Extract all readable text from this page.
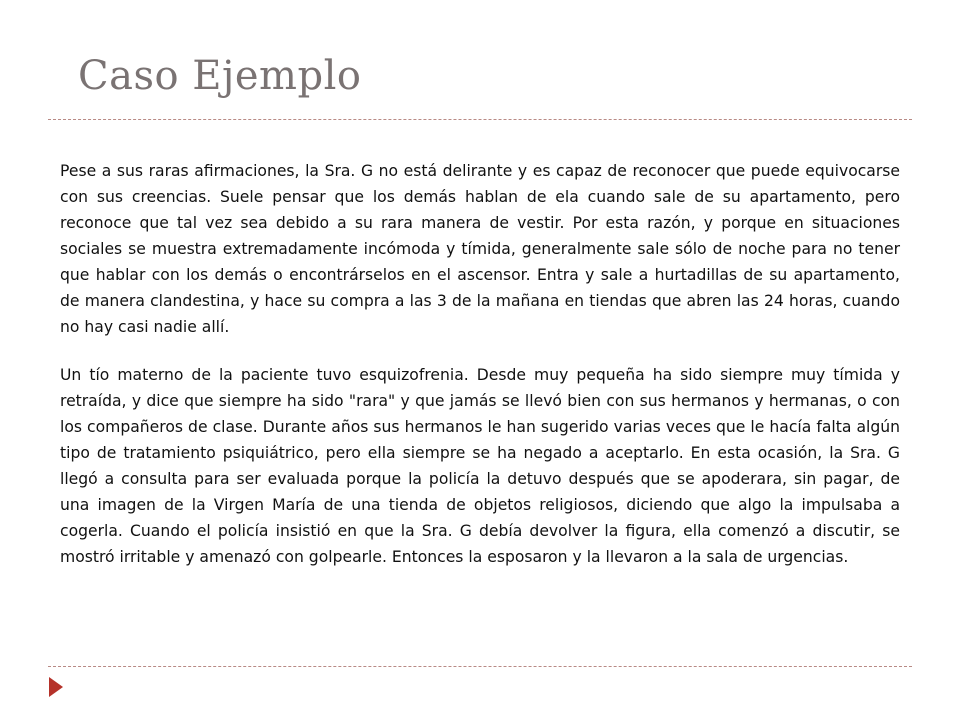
Caso Ejemplo

Pese a sus raras afirmaciones, la Sra. G no está delirante y es capaz de reconocer que puede equivocarse con sus creencias. Suele pensar que los demás hablan de ela cuando sale de su apartamento, pero reconoce que tal vez sea debido a su rara manera de vestir. Por esta razón, y porque en situaciones sociales se muestra extremadamente incómoda y tímida, generalmente sale sólo de noche para no tener que hablar con los demás o encontrárselos en el ascensor. Entra y sale a hurtadillas de su apartamento, de manera clandestina, y hace su compra a las 3 de la mañana en tiendas que abren las 24 horas, cuando no hay casi nadie allí.

Un tío materno de la paciente tuvo esquizofrenia. Desde muy pequeña ha sido siempre muy tímida y retraída, y dice que siempre ha sido "rara" y que jamás se llevó bien con sus hermanos y hermanas, o con los compañeros de clase. Durante años sus hermanos le han sugerido varias veces que le hacía falta algún tipo de tratamiento psiquiátrico, pero ella siempre se ha negado a aceptarlo. En esta ocasión, la Sra. G llegó a consulta para ser evaluada porque la policía la detuvo después que se apoderara, sin pagar, de una imagen de la Virgen María de una tienda de objetos religiosos, diciendo que algo la impulsaba a cogerla. Cuando el policía insistió en que la Sra. G debía devolver la figura, ella comenzó a discutir, se mostró irritable y amenazó con golpearle. Entonces la esposaron y la llevaron a la sala de urgencias.
